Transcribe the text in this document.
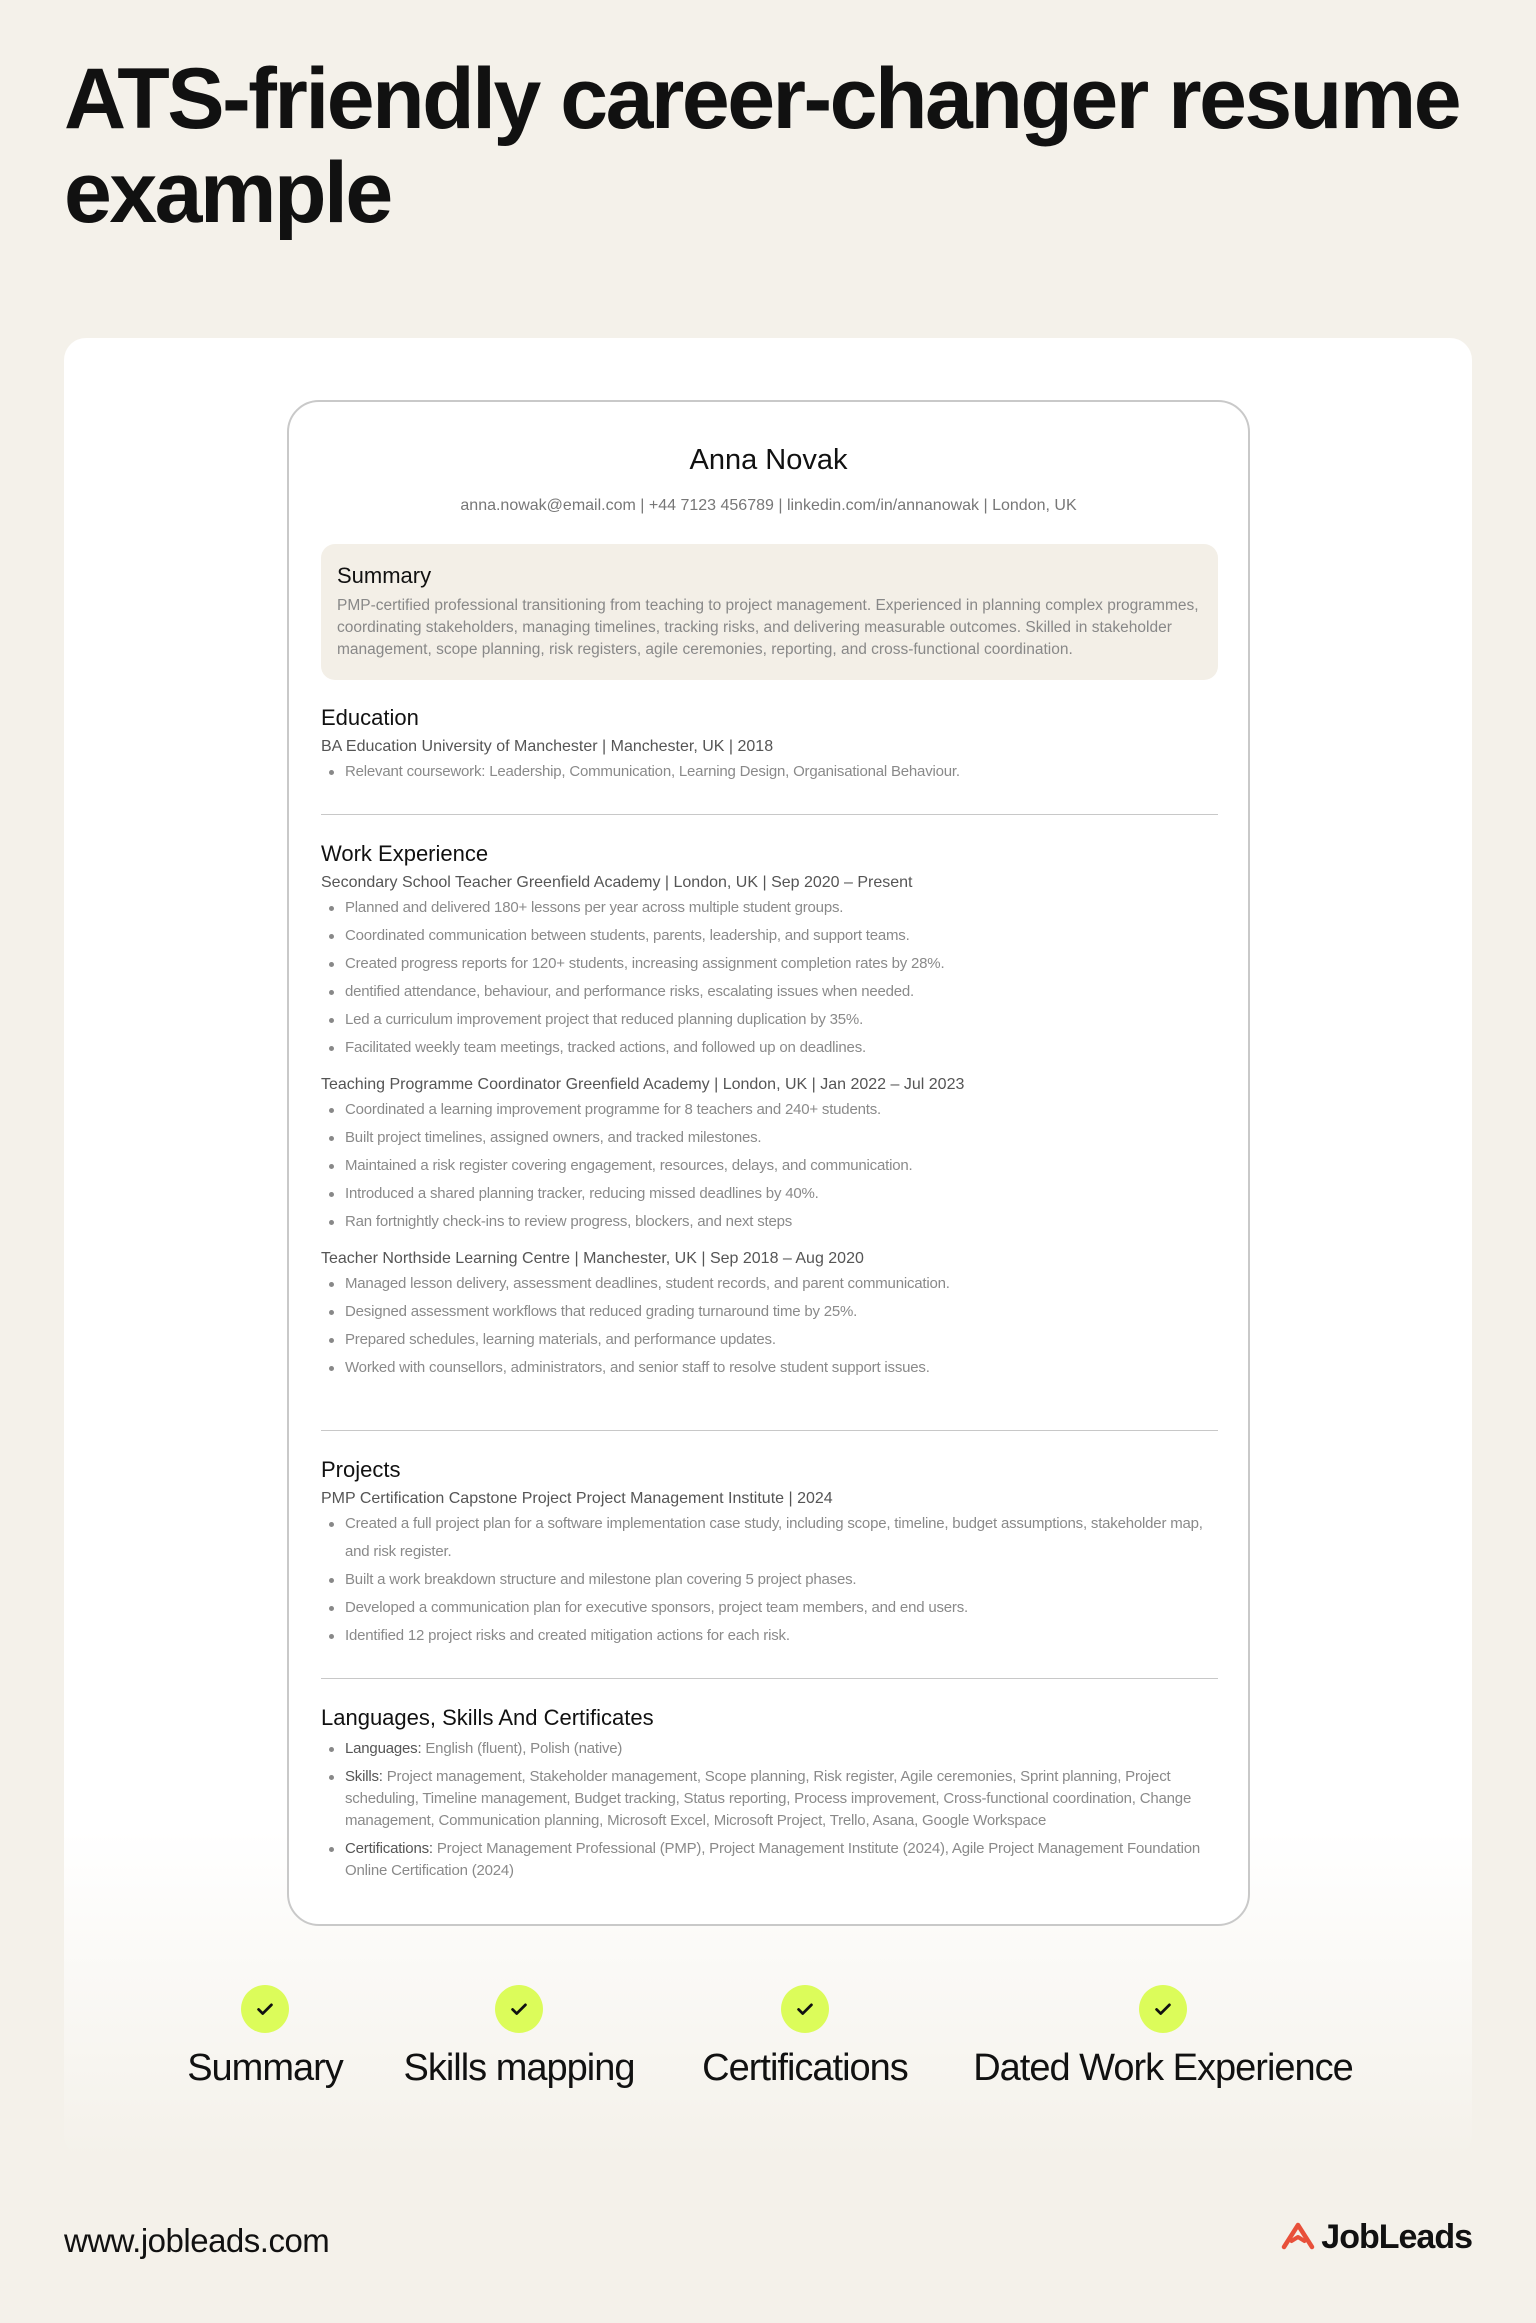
ATS-friendly career-changer resume example
Anna Novak
anna.nowak@email.com | +44 7123 456789 | linkedin.com/in/annanowak | London, UK
Summary
PMP-certified professional transitioning from teaching to project management. Experienced in planning complex programmes, coordinating stakeholders, managing timelines, tracking risks, and delivering measurable outcomes. Skilled in stakeholder management, scope planning, risk registers, agile ceremonies, reporting, and cross-functional coordination.
Education
BA Education University of Manchester | Manchester, UK | 2018
Relevant coursework: Leadership, Communication, Learning Design, Organisational Behaviour.
Work Experience
Secondary School Teacher Greenfield Academy | London, UK | Sep 2020 – Present
Planned and delivered 180+ lessons per year across multiple student groups.
Coordinated communication between students, parents, leadership, and support teams.
Created progress reports for 120+ students, increasing assignment completion rates by 28%.
dentified attendance, behaviour, and performance risks, escalating issues when needed.
Led a curriculum improvement project that reduced planning duplication by 35%.
Facilitated weekly team meetings, tracked actions, and followed up on deadlines.
Teaching Programme Coordinator Greenfield Academy | London, UK | Jan 2022 – Jul 2023
Coordinated a learning improvement programme for 8 teachers and 240+ students.
Built project timelines, assigned owners, and tracked milestones.
Maintained a risk register covering engagement, resources, delays, and communication.
Introduced a shared planning tracker, reducing missed deadlines by 40%.
Ran fortnightly check-ins to review progress, blockers, and next steps
Teacher Northside Learning Centre | Manchester, UK | Sep 2018 – Aug 2020
Managed lesson delivery, assessment deadlines, student records, and parent communication.
Designed assessment workflows that reduced grading turnaround time by 25%.
Prepared schedules, learning materials, and performance updates.
Worked with counsellors, administrators, and senior staff to resolve student support issues.
Projects
PMP Certification Capstone Project Project Management Institute | 2024
Created a full project plan for a software implementation case study, including scope, timeline, budget assumptions, stakeholder map, and risk register.
Built a work breakdown structure and milestone plan covering 5 project phases.
Developed a communication plan for executive sponsors, project team members, and end users.
Identified 12 project risks and created mitigation actions for each risk.
Languages, Skills And Certificates
Languages: English (fluent), Polish (native)
Skills: Project management, Stakeholder management, Scope planning, Risk register, Agile ceremonies, Sprint planning, Project scheduling, Timeline management, Budget tracking, Status reporting, Process improvement, Cross-functional coordination, Change management, Communication planning, Microsoft Excel, Microsoft Project, Trello, Asana, Google Workspace
Certifications: Project Management Professional (PMP), Project Management Institute (2024), Agile Project Management Foundation Online Certification (2024)
Summary	Skills mapping	Certifications	Dated Work Experience
www.jobleads.com	JobLeads
